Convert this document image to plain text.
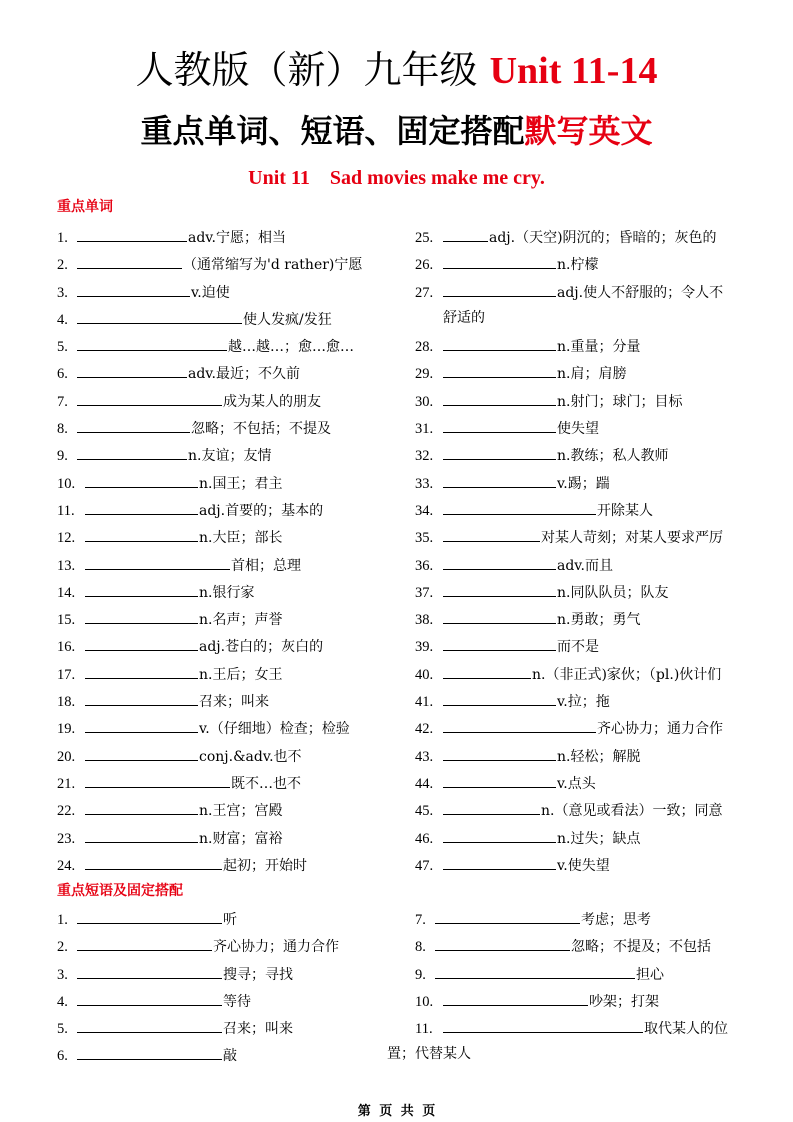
人教版（新）九年级 Unit 11-14
重点单词、短语、固定搭配默写英文
Unit 11    Sad movies make me cry.
重点单词
1.	adv.宁愿；相当
2.	（通常缩写为'd rather)宁愿
3.	v.迫使
4.	使人发疯/发狂
5.	越…越…；愈…愈…
6.	adv.最近；不久前
7.	成为某人的朋友
8.	忽略；不包括；不提及
9.	n.友谊；友情
10.	n.国王；君主
11.	adj.首要的；基本的
12.	n.大臣；部长
13.	首相；总理
14.	n.银行家
15.	n.名声；声誉
16.	adj.苍白的；灰白的
17.	n.王后；女王
18.	召来；叫来
19.	v.（仔细地）检查；检验
20.	conj.&adv.也不
21.	既不…也不
22.	n.王宫；宫殿
23.	n.财富；富裕
24.	起初；开始时
25.	adj.（天空)阴沉的；昏暗的；灰色的
26.	n.柠檬
27.	adj.使人不舒服的；令人不
舒适的
28.	n.重量；分量
29.	n.肩；肩膀
30.	n.射门；球门；目标
31.	使失望
32.	n.教练；私人教师
33.	v.踢；踹
34.	开除某人
35.	对某人苛刻；对某人要求严厉
36.	adv.而且
37.	n.同队队员；队友
38.	n.勇敢；勇气
39.	而不是
40.	n.（非正式)家伙；（pl.)伙计们
41.	v.拉；拖
42.	齐心协力；通力合作
43.	n.轻松；解脱
44.	v.点头
45.	n.（意见或看法）一致；同意
46.	n.过失；缺点
47.	v.使失望
重点短语及固定搭配
1.	听
2.	齐心协力；通力合作
3.	搜寻；寻找
4.	等待
5.	召来；叫来
6.	敲
7.	考虑；思考
8.	忽略；不提及；不包括
9.	担心
10.	吵架；打架
11.	取代某人的位
置；代替某人
第 页 共 页
